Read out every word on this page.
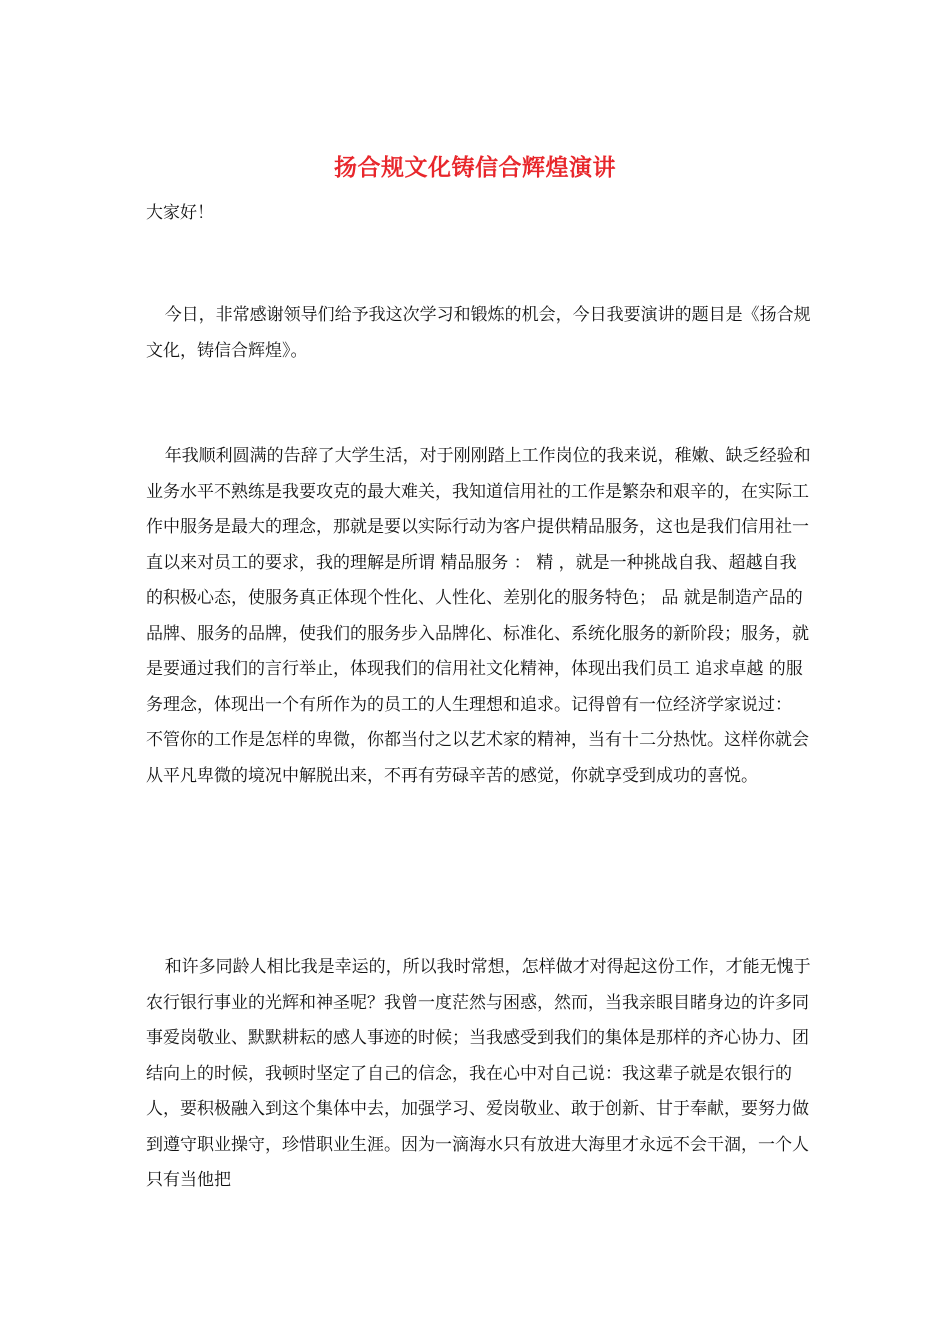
扬合规文化铸信合辉煌演讲
大家好！

今日，非常感谢领导们给予我这次学习和锻炼的机会，今日我要演讲的题目是《扬合规文化，铸信合辉煌》。

年我顺利圆满的告辞了大学生活，对于刚刚踏上工作岗位的我来说，稚嫩、缺乏经验和业务水平不熟练是我要攻克的最大难关，我知道信用社的工作是繁杂和艰辛的，在实际工作中服务是最大的理念，那就是要以实际行动为客户提供精品服务，这也是我们信用社一直以来对员工的要求，我的理解是所谓 精品服务 ： 精 ，就是一种挑战自我、超越自我的积极心态，使服务真正体现个性化、人性化、差别化的服务特色； 品 就是制造产品的品牌、服务的品牌，使我们的服务步入品牌化、标准化、系统化服务的新阶段；服务，就是要通过我们的言行举止，体现我们的信用社文化精神，体现出我们员工 追求卓越 的服务理念，体现出一个有所作为的员工的人生理想和追求。记得曾有一位经济学家说过： 不管你的工作是怎样的卑微，你都当付之以艺术家的精神，当有十二分热忱。这样你就会从平凡卑微的境况中解脱出来，不再有劳碌辛苦的感觉，你就享受到成功的喜悦。

和许多同龄人相比我是幸运的，所以我时常想，怎样做才对得起这份工作，才能无愧于农行银行事业的光辉和神圣呢？我曾一度茫然与困惑，然而，当我亲眼目睹身边的许多同事爱岗敬业、默默耕耘的感人事迹的时候；当我感受到我们的集体是那样的齐心协力、团结向上的时候，我顿时坚定了自己的信念，我在心中对自己说：我这辈子就是农银行的人，要积极融入到这个集体中去，加强学习、爱岗敬业、敢于创新、甘于奉献，要努力做到遵守职业操守，珍惜职业生涯。因为一滴海水只有放进大海里才永远不会干涸，一个人只有当他把
